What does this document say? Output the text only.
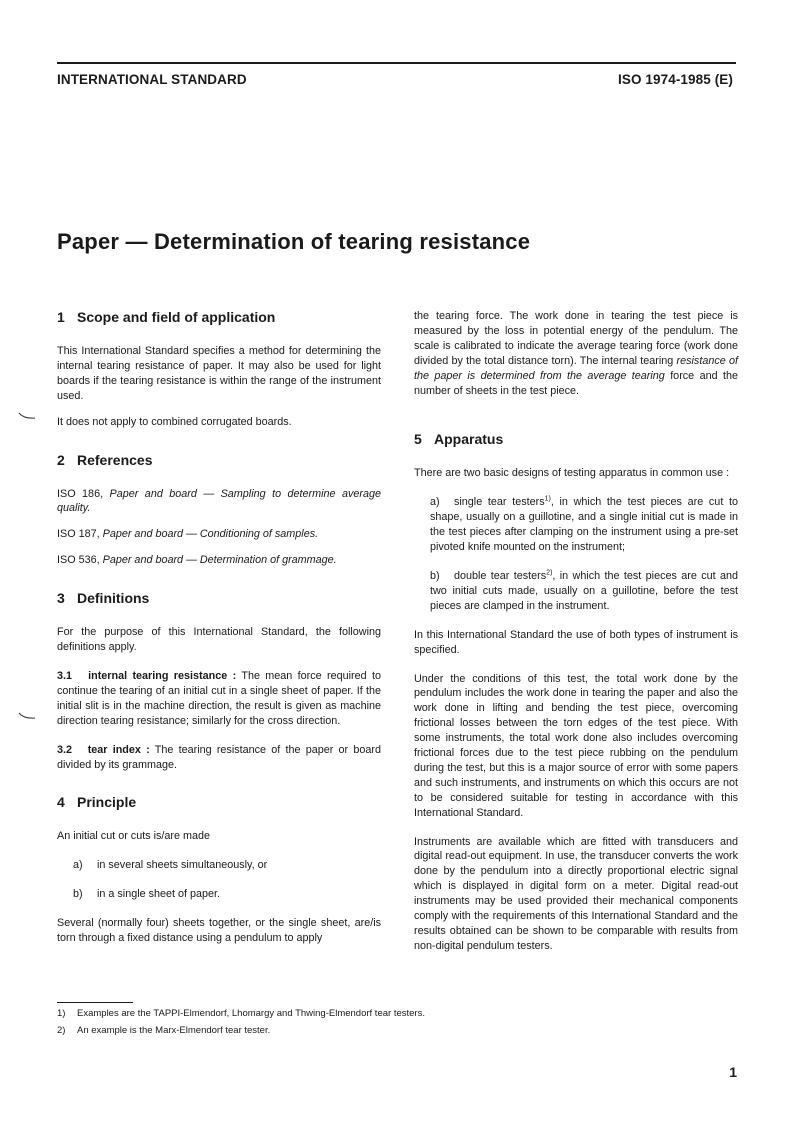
INTERNATIONAL STANDARD	ISO 1974-1985 (E)
Paper — Determination of tearing resistance
1 Scope and field of application

This International Standard specifies a method for determining the internal tearing resistance of paper. It may also be used for light boards if the tearing resistance is within the range of the instrument used.

It does not apply to combined corrugated boards.

2 References

ISO 186, Paper and board — Sampling to determine average quality.

ISO 187, Paper and board — Conditioning of samples.

ISO 536, Paper and board — Determination of grammage.

3 Definitions

For the purpose of this International Standard, the following definitions apply.

3.1 internal tearing resistance : The mean force required to continue the tearing of an initial cut in a single sheet of paper. If the initial slit is in the machine direction, the result is given as machine direction tearing resistance; similarly for the cross direction.

3.2 tear index : The tearing resistance of the paper or board divided by its grammage.

4 Principle

An initial cut or cuts is/are made

a) in several sheets simultaneously, or

b) in a single sheet of paper.

Several (normally four) sheets together, or the single sheet, are/is torn through a fixed distance using a pendulum to apply

the tearing force. The work done in tearing the test piece is measured by the loss in potential energy of the pendulum. The scale is calibrated to indicate the average tearing force (work done divided by the total distance torn). The internal tearing resistance of the paper is determined from the average tearing force and the number of sheets in the test piece.

5 Apparatus

There are two basic designs of testing apparatus in common use :

a) single tear testers$^{1)}$, in which the test pieces are cut to shape, usually on a guillotine, and a single initial cut is made in the test pieces after clamping on the instrument using a pre-set pivoted knife mounted on the instrument;

b) double tear testers$^{2)}$, in which the test pieces are cut and two initial cuts made, usually on a guillotine, before the test pieces are clamped in the instrument.

In this International Standard the use of both types of instrument is specified.

Under the conditions of this test, the total work done by the pendulum includes the work done in tearing the paper and also the work done in lifting and bending the test piece, overcoming frictional losses between the torn edges of the test piece. With some instruments, the total work done also includes overcoming frictional forces due to the test piece rubbing on the pendulum during the test, but this is a major source of error with some papers and such instruments, and instruments on which this occurs are not to be considered suitable for testing in accordance with this International Standard.

Instruments are available which are fitted with transducers and digital read-out equipment. In use, the transducer converts the work done by the pendulum into a directly proportional electric signal which is displayed in digital form on a meter. Digital read-out instruments may be used provided their mechanical components comply with the requirements of this International Standard and the results obtained can be shown to be comparable with results from non-digital pendulum testers.

1) Examples are the TAPPI-Elmendorf, Lhomargy and Thwing-Elmendorf tear testers.
2) An example is the Marx-Elmendorf tear tester.
1
